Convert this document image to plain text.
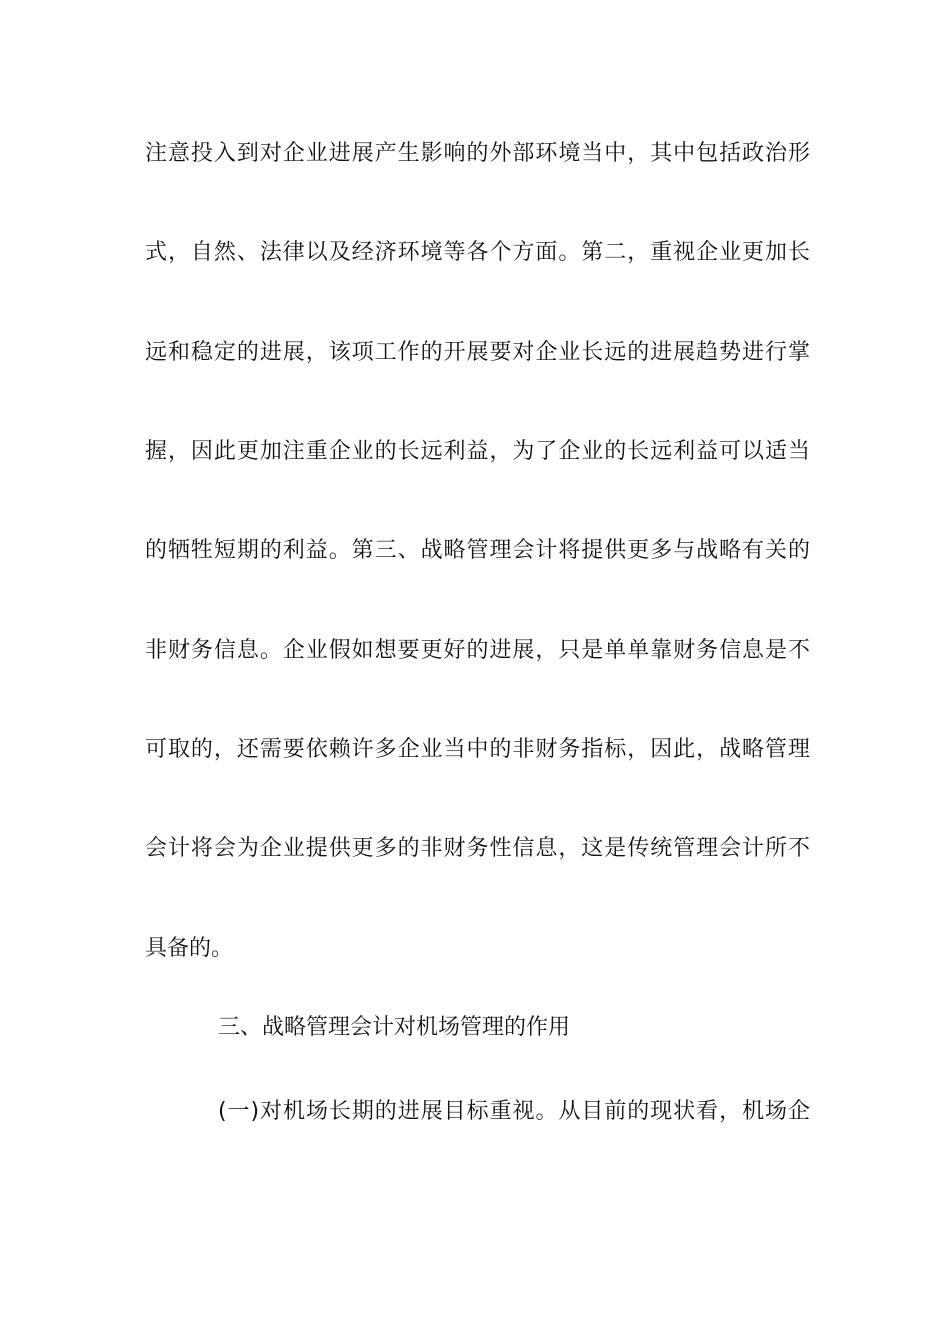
注意投入到对企业进展产生影响的外部环境当中，其中包括政治形
式，自然、法律以及经济环境等各个方面。第二，重视企业更加长
远和稳定的进展，该项工作的开展要对企业长远的进展趋势进行掌
握，因此更加注重企业的长远利益，为了企业的长远利益可以适当
的牺牲短期的利益。第三、战略管理会计将提供更多与战略有关的
非财务信息。企业假如想要更好的进展，只是单单靠财务信息是不
可取的，还需要依赖许多企业当中的非财务指标，因此，战略管理
会计将会为企业提供更多的非财务性信息，这是传统管理会计所不
具备的。
三、战略管理会计对机场管理的作用
(一)对机场长期的进展目标重视。从目前的现状看，机场企
